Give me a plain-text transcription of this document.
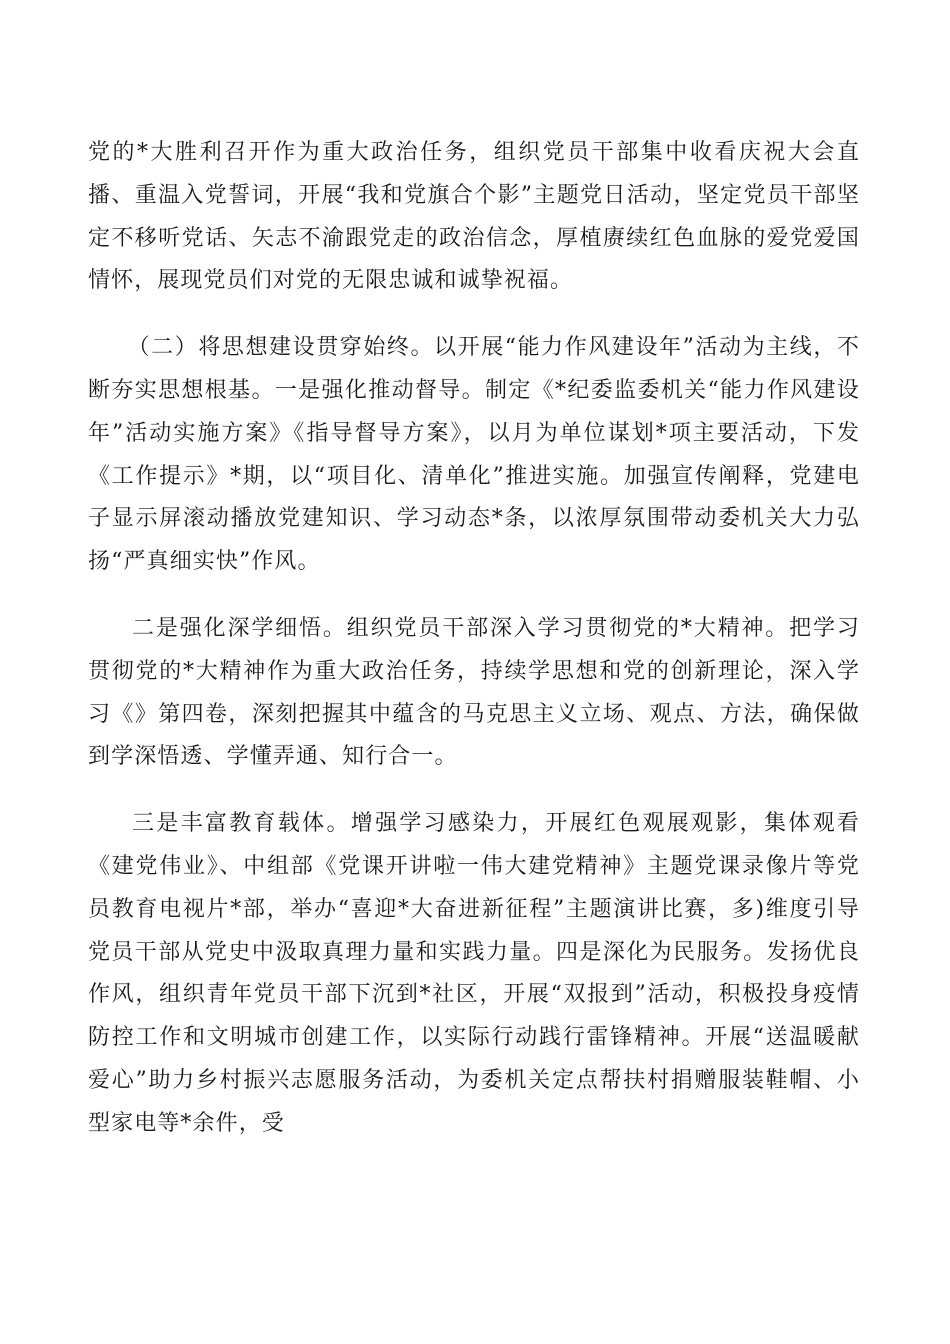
党的*大胜利召开作为重大政治任务，组织党员干部集中收看庆祝大会直播、重温入党誓词，开展“我和党旗合个影”主题党日活动，坚定党员干部坚定不移听党话、矢志不渝跟党走的政治信念，厚植赓续红色血脉的爱党爱国情怀，展现党员们对党的无限忠诚和诚挚祝福。

（二）将思想建设贯穿始终。以开展“能力作风建设年”活动为主线，不断夯实思想根基。一是强化推动督导。制定《*纪委监委机关“能力作风建设年”活动实施方案》《指导督导方案》，以月为单位谋划*项主要活动，下发《工作提示》*期，以“项目化、清单化”推进实施。加强宣传阐释，党建电子显示屏滚动播放党建知识、学习动态*条，以浓厚氛围带动委机关大力弘扬“严真细实快”作风。

二是强化深学细悟。组织党员干部深入学习贯彻党的*大精神。把学习贯彻党的*大精神作为重大政治任务，持续学思想和党的创新理论，深入学习《》第四卷，深刻把握其中蕴含的马克思主义立场、观点、方法，确保做到学深悟透、学懂弄通、知行合一。

三是丰富教育载体。增强学习感染力，开展红色观展观影，集体观看《建党伟业》、中组部《党课开讲啦一伟大建党精神》主题党课录像片等党员教育电视片*部，举办“喜迎*大奋进新征程”主题演讲比赛，多)维度引导党员干部从党史中汲取真理力量和实践力量。四是深化为民服务。发扬优良作风，组织青年党员干部下沉到*社区，开展“双报到”活动，积极投身疫情防控工作和文明城市创建工作，以实际行动践行雷锋精神。开展“送温暖献爱心”助力乡村振兴志愿服务活动，为委机关定点帮扶村捐赠服装鞋帽、小型家电等*余件，受
